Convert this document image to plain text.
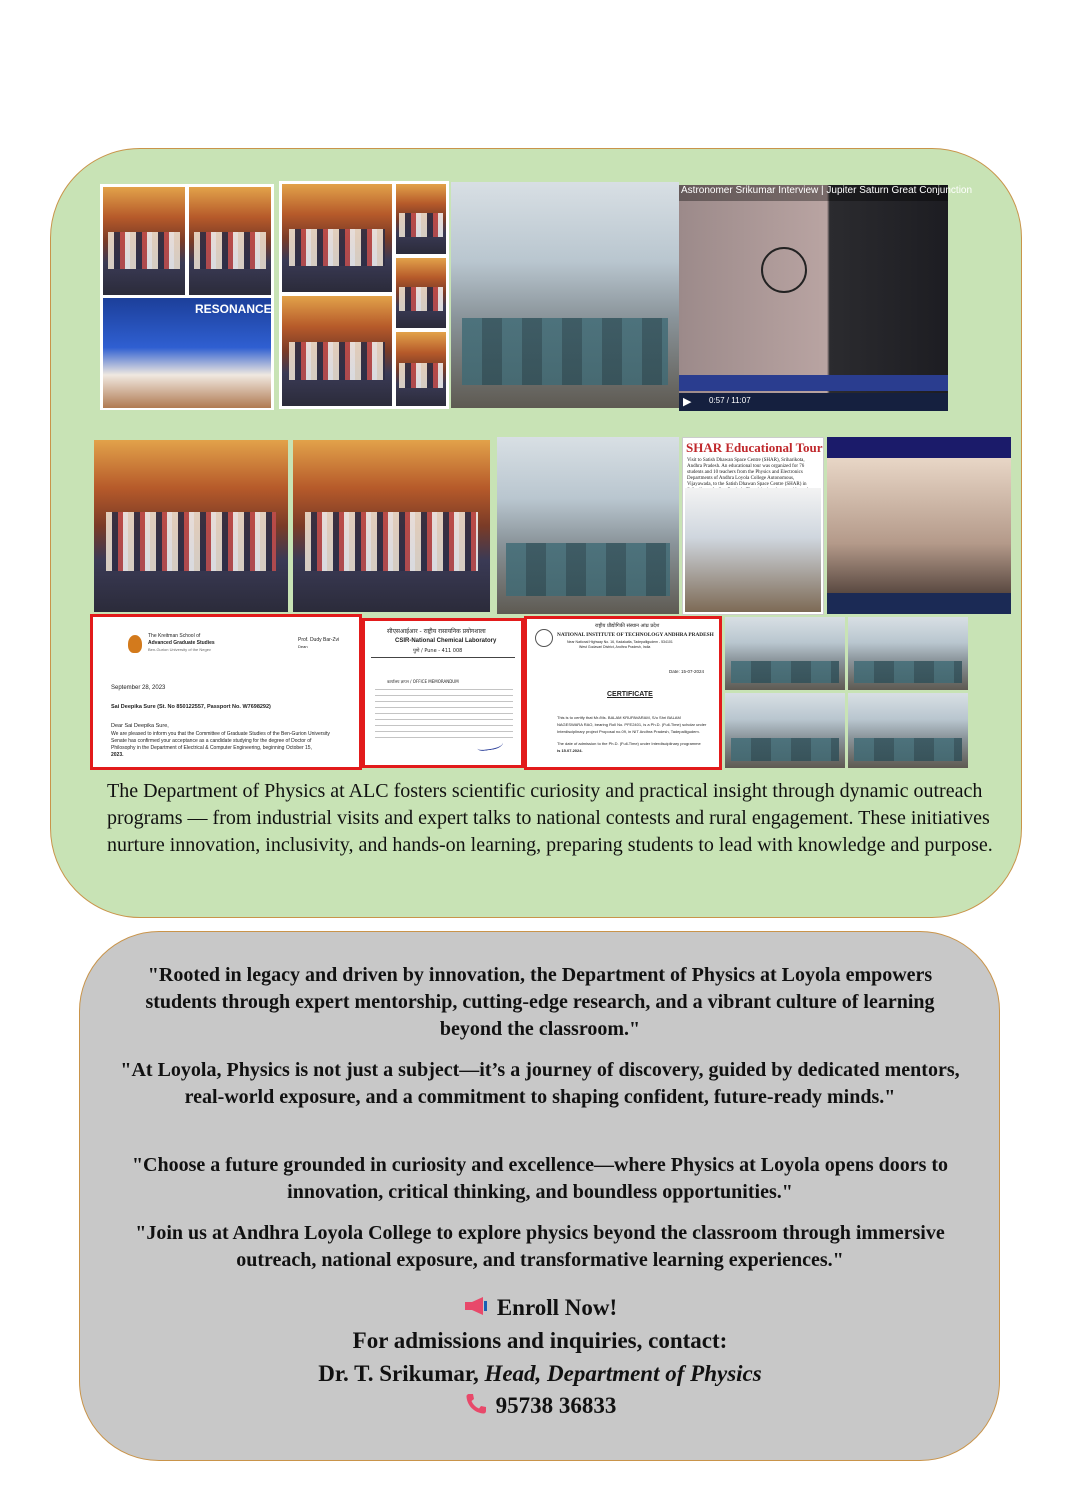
RESONANCE
Astronomer Srikumar Interview | Jupiter Saturn Great Conjunction
▶ 0:57 / 11:07
SHAR Educational Tour
Visit to Satish Dhawan Space Centre (SHAR), Sriharikota, Andhra Pradesh. An educational tour was organized for 76 students and 10 teachers from the Physics and Electronics Departments of Andhra Loyola College Autonomous, Vijayawada, to the Satish Dhawan Space Centre (SHAR) in
The Kreitman School of
Advanced Graduate Studies
Ben-Gurion University of the Negev
Prof. Dudy Bar-Zvi
Dean
September 28, 2023
Sai Deepika Sure (St. No 850122557, Passport No. W7698292)
Dear Sai Deepika Sure,
We are pleased to inform you that the Committee of Graduate Studies of the Ben-Gurion University
Senate has confirmed your acceptance as a candidate studying for the degree of Doctor of
Philosophy in the Department of Electrical & Computer Engineering, beginning October 15,
2023.
सीएसआईआर - राष्ट्रीय रासायनिक प्रयोगशाला
CSIR-National Chemical Laboratory
पुणे / Pune - 411 008
कार्यालय ज्ञापन / OFFICE MEMORANDUM
राष्ट्रीय प्रौद्योगिकी संस्थान आंध्र प्रदेश
NATIONAL INSTITUTE OF TECHNOLOGY ANDHRA PRADESH
Near National Highway No. 16, Kadakatla, Tadepalligudem - 534101
West Godavari District, Andhra Pradesh, India
Date: 15-07-2024
CERTIFICATE
This is to certify that Mr./Ms. BALAM KRUPAVARAM, S/o Shri BALAM
NAGESWARA RAO, bearing Roll No. PFE2401, is a Ph.D. (Full-Time) scholar under
Interdisciplinary project Proposal no.09, in NIT Andhra Pradesh, Tadepalligudem.
The date of admission to the Ph.D. (Full-Time) under Interdisciplinary programme
is 15.07.2024.
The Department of Physics at ALC fosters scientific curiosity and practical insight through dynamic outreach programs — from industrial visits and expert talks to national contests and rural engagement. These initiatives nurture innovation, inclusivity, and hands-on learning, preparing students to lead with knowledge and purpose.
"Rooted in legacy and driven by innovation, the Department of Physics at Loyola empowers students through expert mentorship, cutting-edge research, and a vibrant culture of learning beyond the classroom."
"At Loyola, Physics is not just a subject—it’s a journey of discovery, guided by dedicated mentors, real-world exposure, and a commitment to shaping confident, future-ready minds."
"Choose a future grounded in curiosity and excellence—where Physics at Loyola opens doors to innovation, critical thinking, and boundless opportunities."
"Join us at Andhra Loyola College to explore physics beyond the classroom through immersive outreach, national exposure, and transformative learning experiences."
Enroll Now!
For admissions and inquiries, contact:
Dr. T. Srikumar, Head, Department of Physics
95738 36833
